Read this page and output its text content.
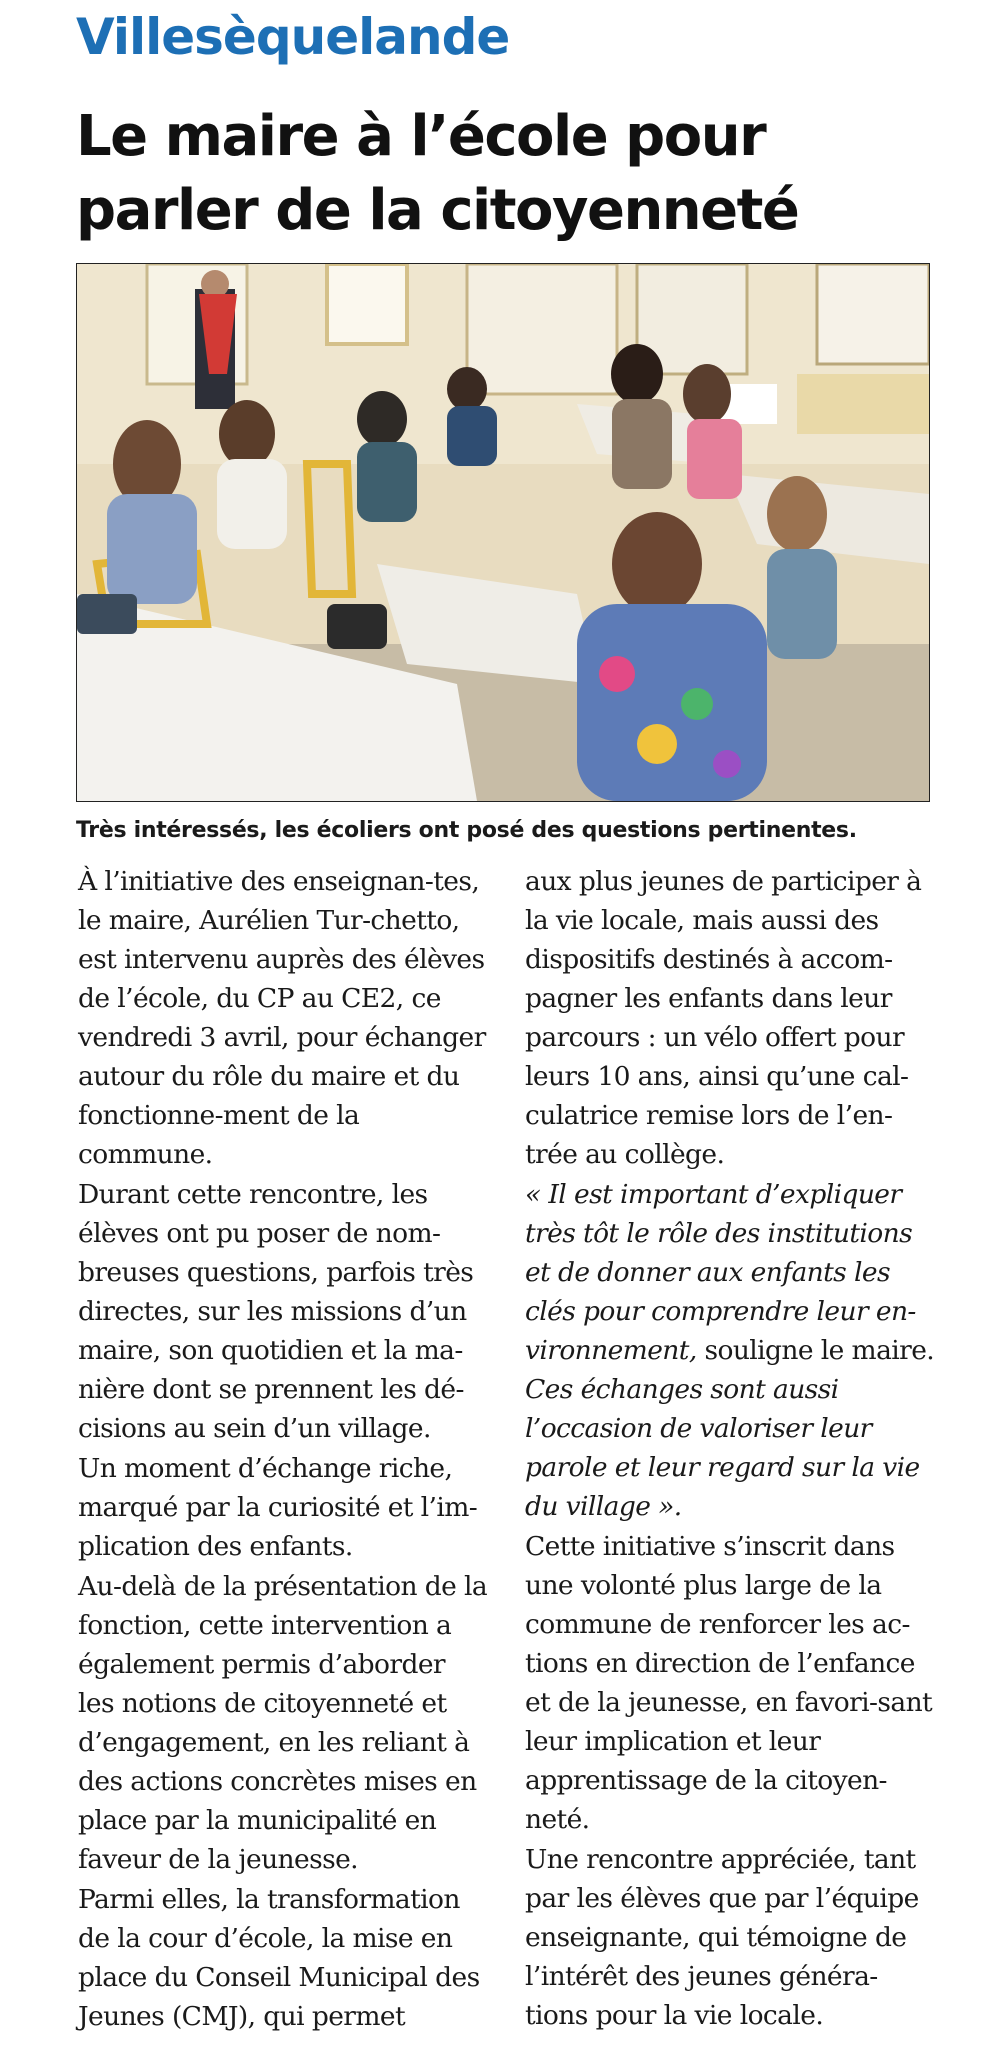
Villesèquelande
Le maire à l’école pour
parler de la citoyenneté
Très intéressés, les écoliers ont posé des questions pertinentes.

À l’initiative des enseignan-tes, le maire, Aurélien Tur-chetto, est intervenu auprès des élèves de l’école, du CP au CE2, ce vendredi 3 avril, pour échanger autour du rôle du maire et du fonctionne-ment de la commune.

Durant cette rencontre, les élèves ont pu poser de nom-breuses questions, parfois très directes, sur les missions d’un maire, son quotidien et la ma-nière dont se prennent les dé-cisions au sein d’un village.

Un moment d’échange riche, marqué par la curiosité et l’im-plication des enfants.

Au-delà de la présentation de la fonction, cette intervention a également permis d’aborder les notions de citoyenneté et d’engagement, en les reliant à des actions concrètes mises en place par la municipalité en faveur de la jeunesse.

Parmi elles, la transformation de la cour d’école, la mise en place du Conseil Municipal des Jeunes (CMJ), qui permet

aux plus jeunes de participer à la vie locale, mais aussi des dispositifs destinés à accom-pagner les enfants dans leur parcours : un vélo offert pour leurs 10 ans, ainsi qu’une cal-culatrice remise lors de l’en-trée au collège.

« Il est important d’expliquer très tôt le rôle des institutions et de donner aux enfants les clés pour comprendre leur en-vironnement, souligne le maire. Ces échanges sont aussi l’occasion de valoriser leur parole et leur regard sur la vie du village ».

Cette initiative s’inscrit dans une volonté plus large de la commune de renforcer les ac-tions en direction de l’enfance et de la jeunesse, en favori-sant leur implication et leur apprentissage de la citoyen-neté.

Une rencontre appréciée, tant par les élèves que par l’équipe enseignante, qui témoigne de l’intérêt des jeunes généra-tions pour la vie locale.
